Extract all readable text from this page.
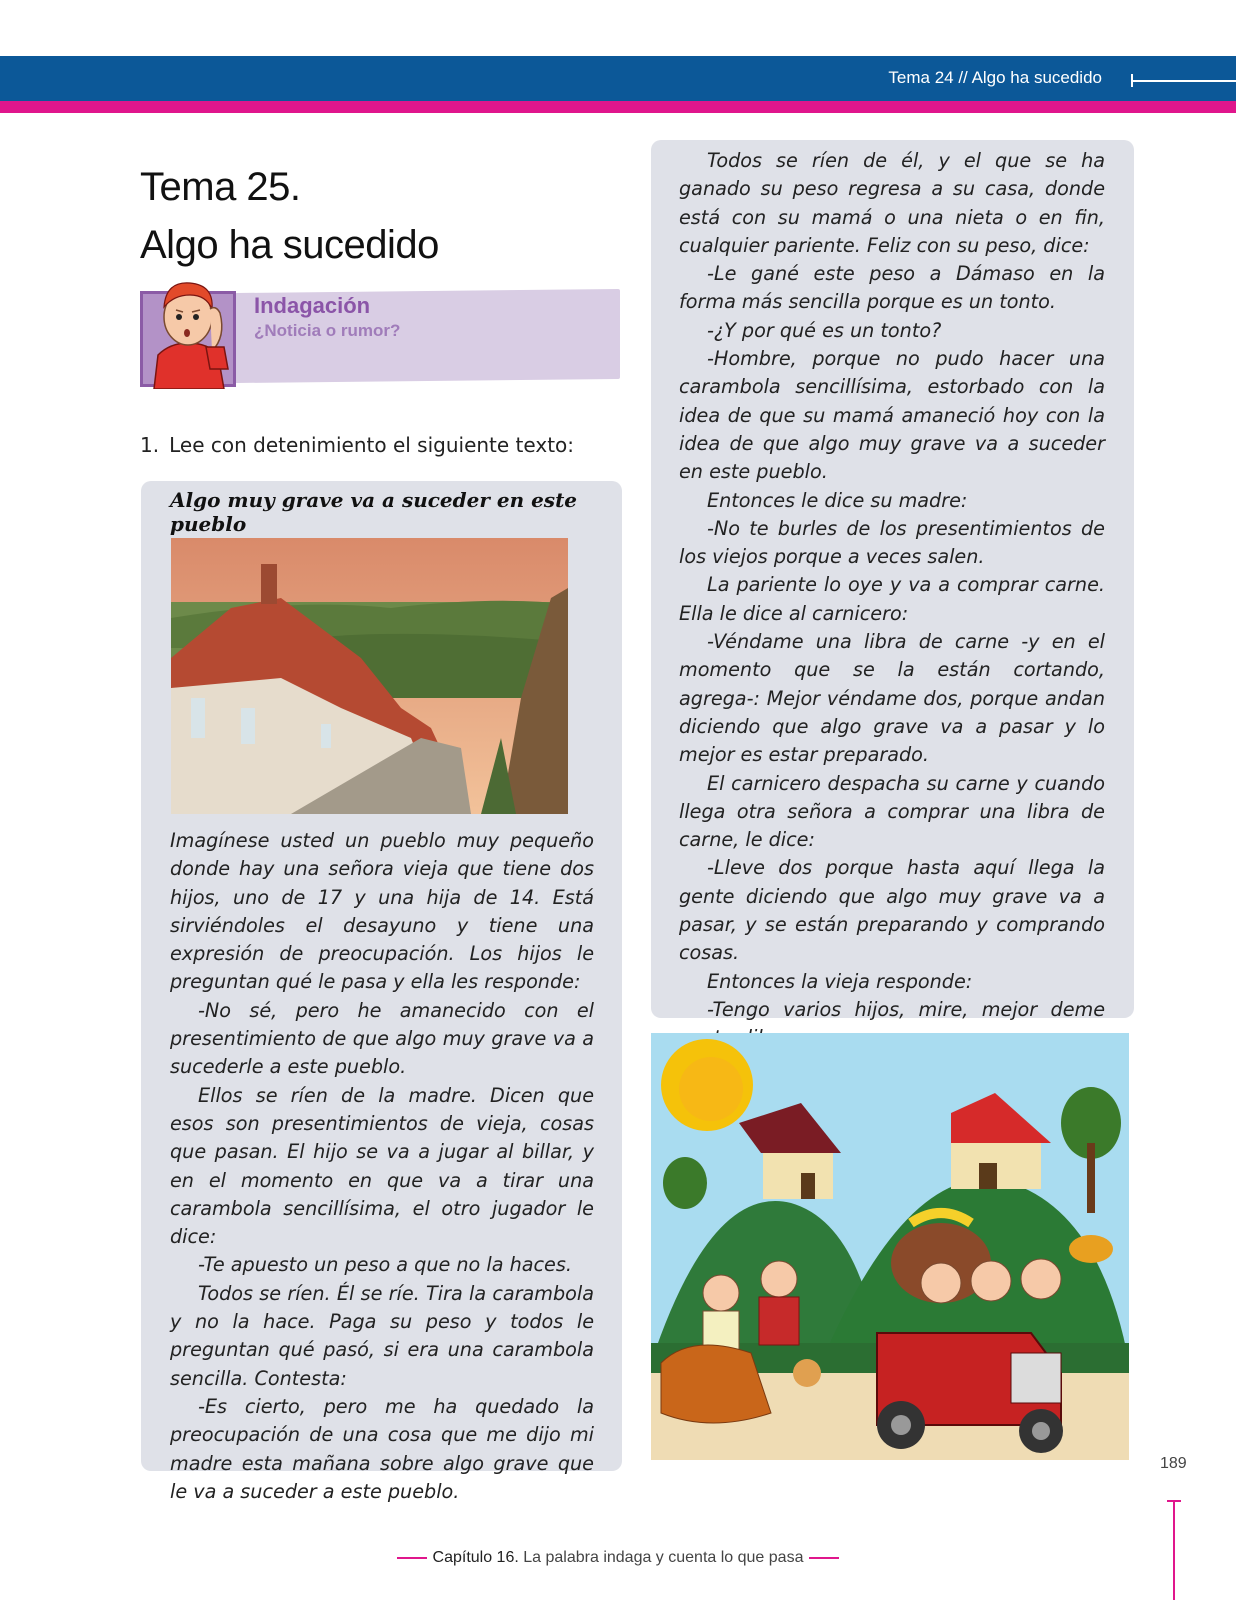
Tema 24 // Algo ha sucedido
Tema 25.
Algo ha sucedido
Indagación
¿Noticia o rumor?
1. Lee con detenimiento el siguiente texto:
Algo muy grave va a suceder en este pueblo

Imagínese usted un pueblo muy pequeño donde hay una señora vieja que tiene dos hijos, uno de 17 y una hija de 14. Está sirviéndoles el desayuno y tiene una expresión de preocupación. Los hijos le preguntan qué le pasa y ella les responde:

-No sé, pero he amanecido con el presentimiento de que algo muy grave va a sucederle a este pueblo.

Ellos se ríen de la madre. Dicen que esos son presentimientos de vieja, cosas que pasan. El hijo se va a jugar al billar, y en el momento en que va a tirar una carambola sencillísima, el otro jugador le dice:

-Te apuesto un peso a que no la haces.

Todos se ríen. Él se ríe. Tira la carambola y no la hace. Paga su peso y todos le preguntan qué pasó, si era una carambola sencilla. Contesta:

-Es cierto, pero me ha quedado la preocupación de una cosa que me dijo mi madre esta mañana sobre algo grave que le va a suceder a este pueblo.

Todos se ríen de él, y el que se ha ganado su peso regresa a su casa, donde está con su mamá o una nieta o en fin, cualquier pariente. Feliz con su peso, dice:

-Le gané este peso a Dámaso en la forma más sencilla porque es un tonto.

-¿Y por qué es un tonto?

-Hombre, porque no pudo hacer una carambola sencillísima, estorbado con la idea de que su mamá amaneció hoy con la idea de que algo muy grave va a suceder en este pueblo.

Entonces le dice su madre:

-No te burles de los presentimientos de los viejos porque a veces salen.

La pariente lo oye y va a comprar carne. Ella le dice al carnicero:

-Véndame una libra de carne -y en el momento que se la están cortando, agrega-: Mejor véndame dos, porque andan diciendo que algo grave va a pasar y lo mejor es estar preparado.

El carnicero despacha su carne y cuando llega otra señora a comprar una libra de carne, le dice:

-Lleve dos porque hasta aquí llega la gente diciendo que algo muy grave va a pasar, y se están preparando y comprando cosas.

Entonces la vieja responde:

-Tengo varios hijos, mire, mejor deme

189
Capítulo 16. La palabra indaga y cuenta lo que pasa
